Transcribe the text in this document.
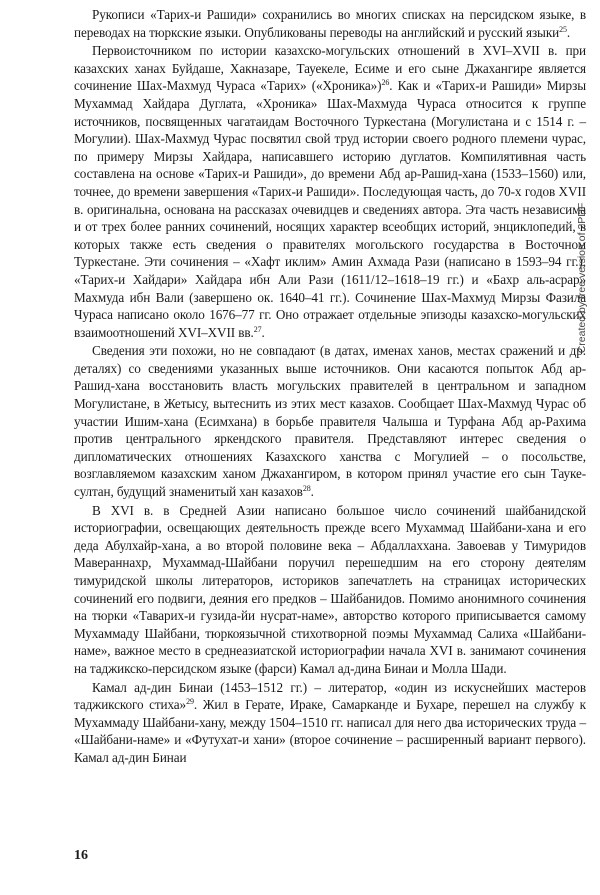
Рукописи «Тарих-и Рашиди» сохранились во многих списках на персидском языке, в переводах на тюркские языки. Опубликованы переводы на английский и русский языки$^{25}$.

Первоисточником по истории казахско-могульских отношений в XVI–XVII в. при казахских ханах Буйдаше, Хакназаре, Тауекеле, Есиме и его сыне Джахангире является сочинение Шах-Махмуд Чураса «Тарих» («Хроника»)$^{26}$. Как и «Тарих-и Рашиди» Мирзы Мухаммад Хайдара Дуглата, «Хроника» Шах-Махмуда Чураса относится к группе источников, посвященных чагатаидам Восточного Туркестана (Могулистана и с 1514 г. – Могулии). Шах-Махмуд Чурас посвятил свой труд истории своего родного племени чурас, по примеру Мирзы Хайдара, написавшего историю дуглатов. Компилятивная часть составлена на основе «Тарих-и Рашиди», до времени Абд ар-Рашид-хана (1533–1560) или, точнее, до времени завершения «Тарих-и Рашиди». Последующая часть, до 70-х годов XVII в. оригинальна, основана на рассказах очевидцев и сведениях автора. Эта часть независима и от трех более ранних сочинений, носящих характер всеобщих историй, энциклопедий, в которых также есть сведения о правителях могольского государства в Восточном Туркестане. Эти сочинения – «Хафт иклим» Амин Ахмада Рази (написано в 1593–94 гг.), «Тарих-и Хайдари» Хайдара ибн Али Рази (1611/12–1618–19 гг.) и «Бахр аль-асрар» Махмуда ибн Вали (завершено ок. 1640–41 гг.). Сочинение Шах-Махмуд Мирзы Фазила Чураса написано около 1676–77 гг. Оно отражает отдельные эпизоды казахско-могульских взаимоотношений XVI–XVII вв.$^{27}$.

Сведения эти похожи, но не совпадают (в датах, именах ханов, местах сражений и др. деталях) со сведениями указанных выше источников. Они касаются попыток Абд ар-Рашид-хана восстановить власть могульских правителей в центральном и западном Могулистане, в Жетысу, вытеснить из этих мест казахов. Сообщает Шах-Махмуд Чурас об участии Ишим-хана (Есимхана) в борьбе правителя Чалыша и Турфана Абд ар-Рахима против центрального яркендского правителя. Представляют интерес сведения о дипломатических отношениях Казахского ханства с Могулией – о посольстве, возглавляемом казахским ханом Джахангиром, в котором принял участие его сын Тауке-султан, будущий знаменитый хан казахов$^{28}$.

В XVI в. в Средней Азии написано большое число сочинений шайбанидской историографии, освещающих деятельность прежде всего Мухаммад Шайбани-хана и его деда Абулхайр-хана, а во второй половине века – Абдаллаххана. Завоевав у Тимуридов Мавераннахр, Мухаммад-Шайбани поручил перешедшим на его сторону деятелям тимуридской школы литераторов, историков запечатлеть на страницах исторических сочинений его подвиги, деяния его предков – Шайбанидов. Помимо анонимного сочинения на тюрки «Таварих-и гузида-йи нусрат-наме», авторство которого приписывается самому Мухаммаду Шайбани, тюркоязычной стихотворной поэмы Мухаммад Салиха «Шайбани-наме», важное место в среднеазиатской историографии начала XVI в. занимают сочинения на таджикско-персидском языке (фарси) Камал ад-дина Бинаи и Молла Шади.

Камал ад-дин Бинаи (1453–1512 гг.) – литератор, «один из искуснейших мастеров таджикского стиха»$^{29}$. Жил в Герате, Ираке, Самарканде и Бухаре, перешел на службу к Мухаммаду Шайбани-хану, между 1504–1510 гг. написал для него два исторических труда – «Шайбани-наме» и «Футухат-и хани» (второе сочинение – расширенный вариант первого). Камал ад-дин Бинаи

16
Created by free version of 2PDF
